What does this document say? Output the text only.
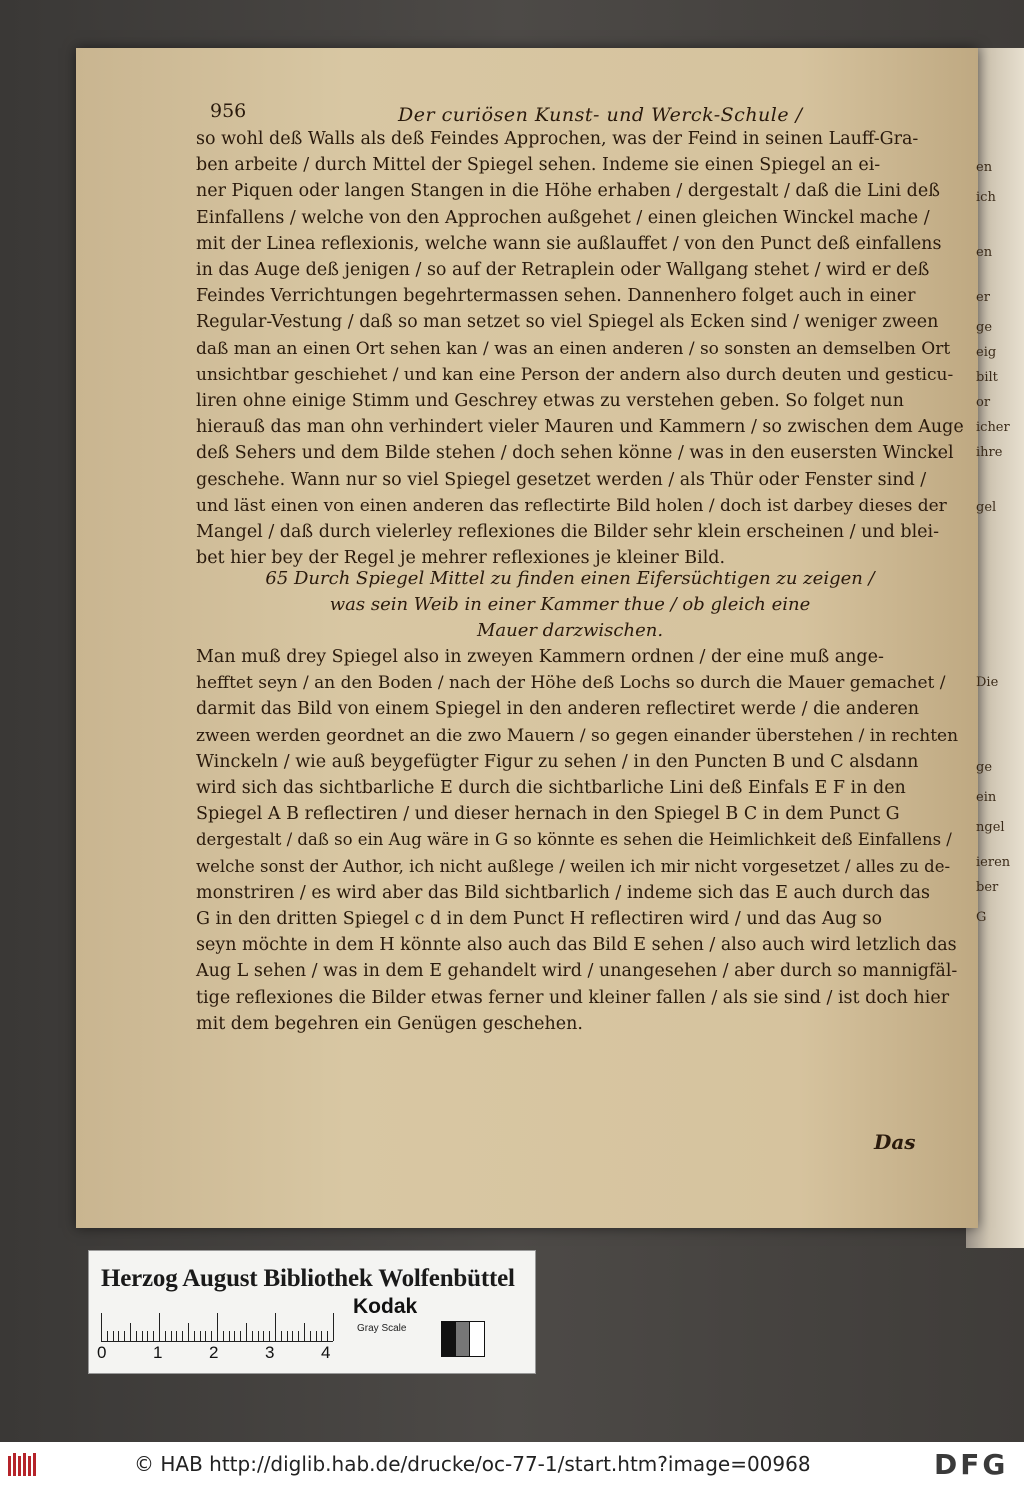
956	Der curiösen Kunst- und Werck-Schule /

so wohl deß Walls als deß Feindes Approchen, was der Feind in seinen Lauff-Gra-

ben arbeite / durch Mittel der Spiegel sehen. Indeme sie einen Spiegel an ei-

ner Piquen oder langen Stangen in die Höhe erhaben / dergestalt / daß die Lini deß

Einfallens / welche von den Approchen außgehet / einen gleichen Winckel mache /

mit der Linea reflexionis, welche wann sie außlauffet / von den Punct deß einfallens

in das Auge deß jenigen / so auf der Retraplein oder Wallgang stehet / wird er deß

Feindes Verrichtungen begehrtermassen sehen. Dannenhero folget auch in einer

Regular-Vestung / daß so man setzet so viel Spiegel als Ecken sind / weniger zween

daß man an einen Ort sehen kan / was an einen anderen / so sonsten an demselben Ort

unsichtbar geschiehet / und kan eine Person der andern also durch deuten und gesticu-

liren ohne einige Stimm und Geschrey etwas zu verstehen geben. So folget nun

hierauß das man ohn verhindert vieler Mauren und Kammern / so zwischen dem Auge

deß Sehers und dem Bilde stehen / doch sehen könne / was in den eusersten Winckel

geschehe. Wann nur so viel Spiegel gesetzet werden / als Thür oder Fenster sind /

und läst einen von einen anderen das reflectirte Bild holen / doch ist darbey dieses der

Mangel / daß durch vielerley reflexiones die Bilder sehr klein erscheinen / und blei-

bet hier bey der Regel je mehrer reflexiones je kleiner Bild.

65 Durch Spiegel Mittel zu finden einen Eifersüchtigen zu zeigen /

was sein Weib in einer Kammer thue / ob gleich eine

Mauer darzwischen.

Man muß drey Spiegel also in zweyen Kammern ordnen / der eine muß ange-

hefftet seyn / an den Boden / nach der Höhe deß Lochs so durch die Mauer gemachet /

darmit das Bild von einem Spiegel in den anderen reflectiret werde / die anderen

zween werden geordnet an die zwo Mauern / so gegen einander überstehen / in rechten

Winckeln / wie auß beygefügter Figur zu sehen / in den Puncten B und C alsdann

wird sich das sichtbarliche E durch die sichtbarliche Lini deß Einfals E F in den

Spiegel A B reflectiren / und dieser hernach in den Spiegel B C in dem Punct G

dergestalt / daß so ein Aug wäre in G so könnte es sehen die Heimlichkeit deß Einfallens /

welche sonst der Author, ich nicht außlege / weilen ich mir nicht vorgesetzet / alles zu de-

monstriren / es wird aber das Bild sichtbarlich / indeme sich das E auch durch das

G in den dritten Spiegel c d in dem Punct H reflectiren wird / und das Aug so

seyn möchte in dem H könnte also auch das Bild E sehen / also auch wird letzlich das

Aug L sehen / was in dem E gehandelt wird / unangesehen / aber durch so mannigfäl-

tige reflexiones die Bilder etwas ferner und kleiner fallen / als sie sind / ist doch hier

mit dem begehren ein Genügen geschehen.

Das
en
ich
en
er
ge
eig
bilt
or
icher
ihre
gel
Die
ge
ein
ngel
ieren
ber
G
Herzog August Bibliothek Wolfenbüttel
Kodak
Gray Scale
0	1	2	3	4
© HAB http://diglib.hab.de/drucke/oc-77-1/start.htm?image=00968	DFG
